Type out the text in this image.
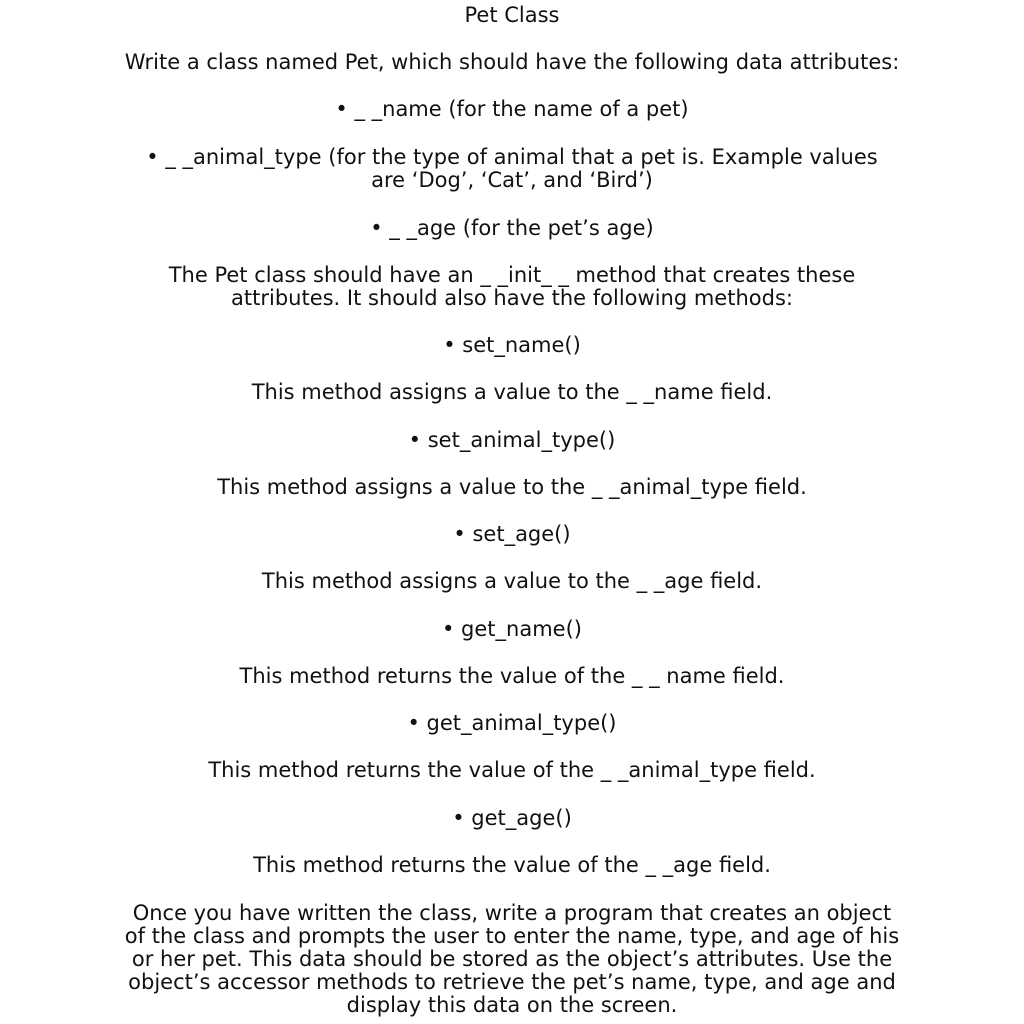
Pet Class
Write a class named Pet, which should have the following data attributes:
• _ _name (for the name of a pet)
• _ _animal_type (for the type of animal that a pet is. Example values are ‘Dog’, ‘Cat’, and ‘Bird’)
• _ _age (for the pet’s age)
The Pet class should have an _ _init_ _ method that creates these attributes. It should also have the following methods:
• set_name()
This method assigns a value to the _ _name field.
• set_animal_type()
This method assigns a value to the _ _animal_type field.
• set_age()
This method assigns a value to the _ _age field.
• get_name()
This method returns the value of the _ _ name field.
• get_animal_type()
This method returns the value of the _ _animal_type field.
• get_age()
This method returns the value of the _ _age field.
Once you have written the class, write a program that creates an object of the class and prompts the user to enter the name, type, and age of his or her pet. This data should be stored as the object’s attributes. Use the object’s accessor methods to retrieve the pet’s name, type, and age and display this data on the screen.
